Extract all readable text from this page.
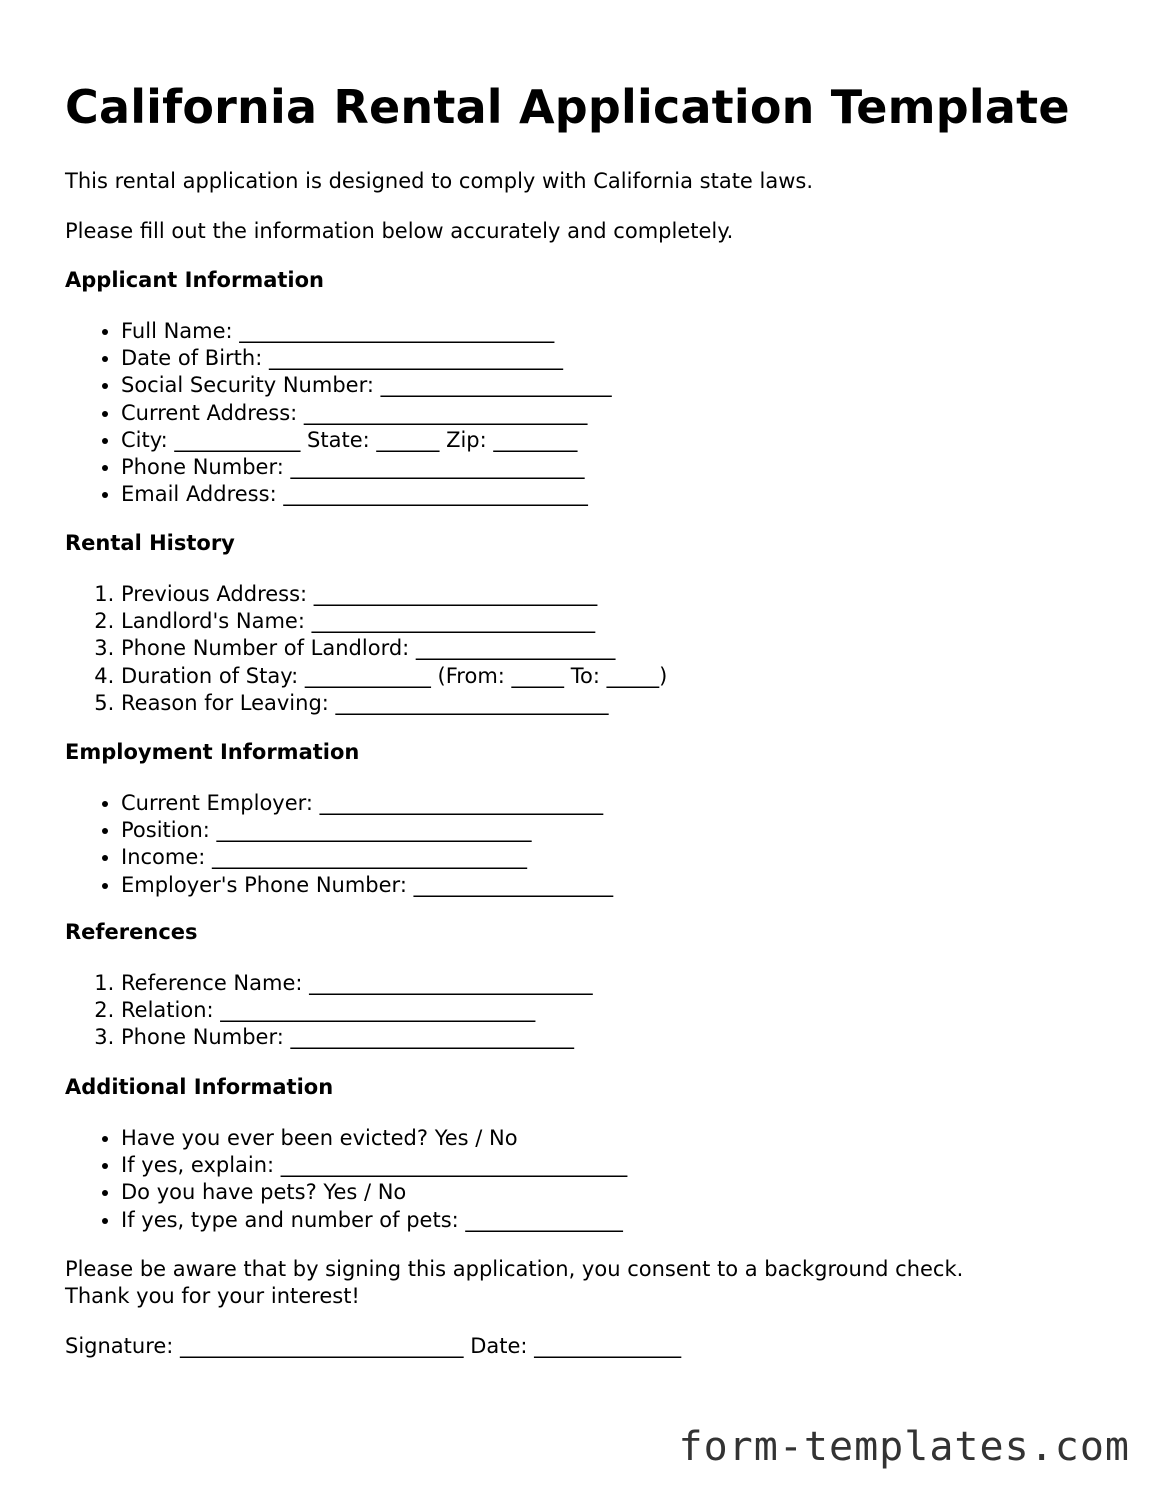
California Rental Application Template

This rental application is designed to comply with California state laws.

Please fill out the information below accurately and completely.

Applicant Information
• Full Name: ______________________________
• Date of Birth: ____________________________
• Social Security Number: ______________________
• Current Address: ___________________________
• City: ____________ State: ______ Zip: ________
• Phone Number: ____________________________
• Email Address: _____________________________
Rental History
1. Previous Address: ___________________________
2. Landlord's Name: ___________________________
3. Phone Number of Landlord: ___________________
4. Duration of Stay: ____________ (From: _____ To: _____)
5. Reason for Leaving: __________________________
Employment Information
• Current Employer: ___________________________
• Position: ______________________________
• Income: ______________________________
• Employer's Phone Number: ___________________
References
1. Reference Name: ___________________________
2. Relation: ______________________________
3. Phone Number: ___________________________
Additional Information
• Have you ever been evicted? Yes / No
• If yes, explain: _________________________________
• Do you have pets? Yes / No
• If yes, type and number of pets: _______________

Please be aware that by signing this application, you consent to a background check.

Thank you for your interest!

Signature: ___________________________ Date: ______________

form-templates.com
